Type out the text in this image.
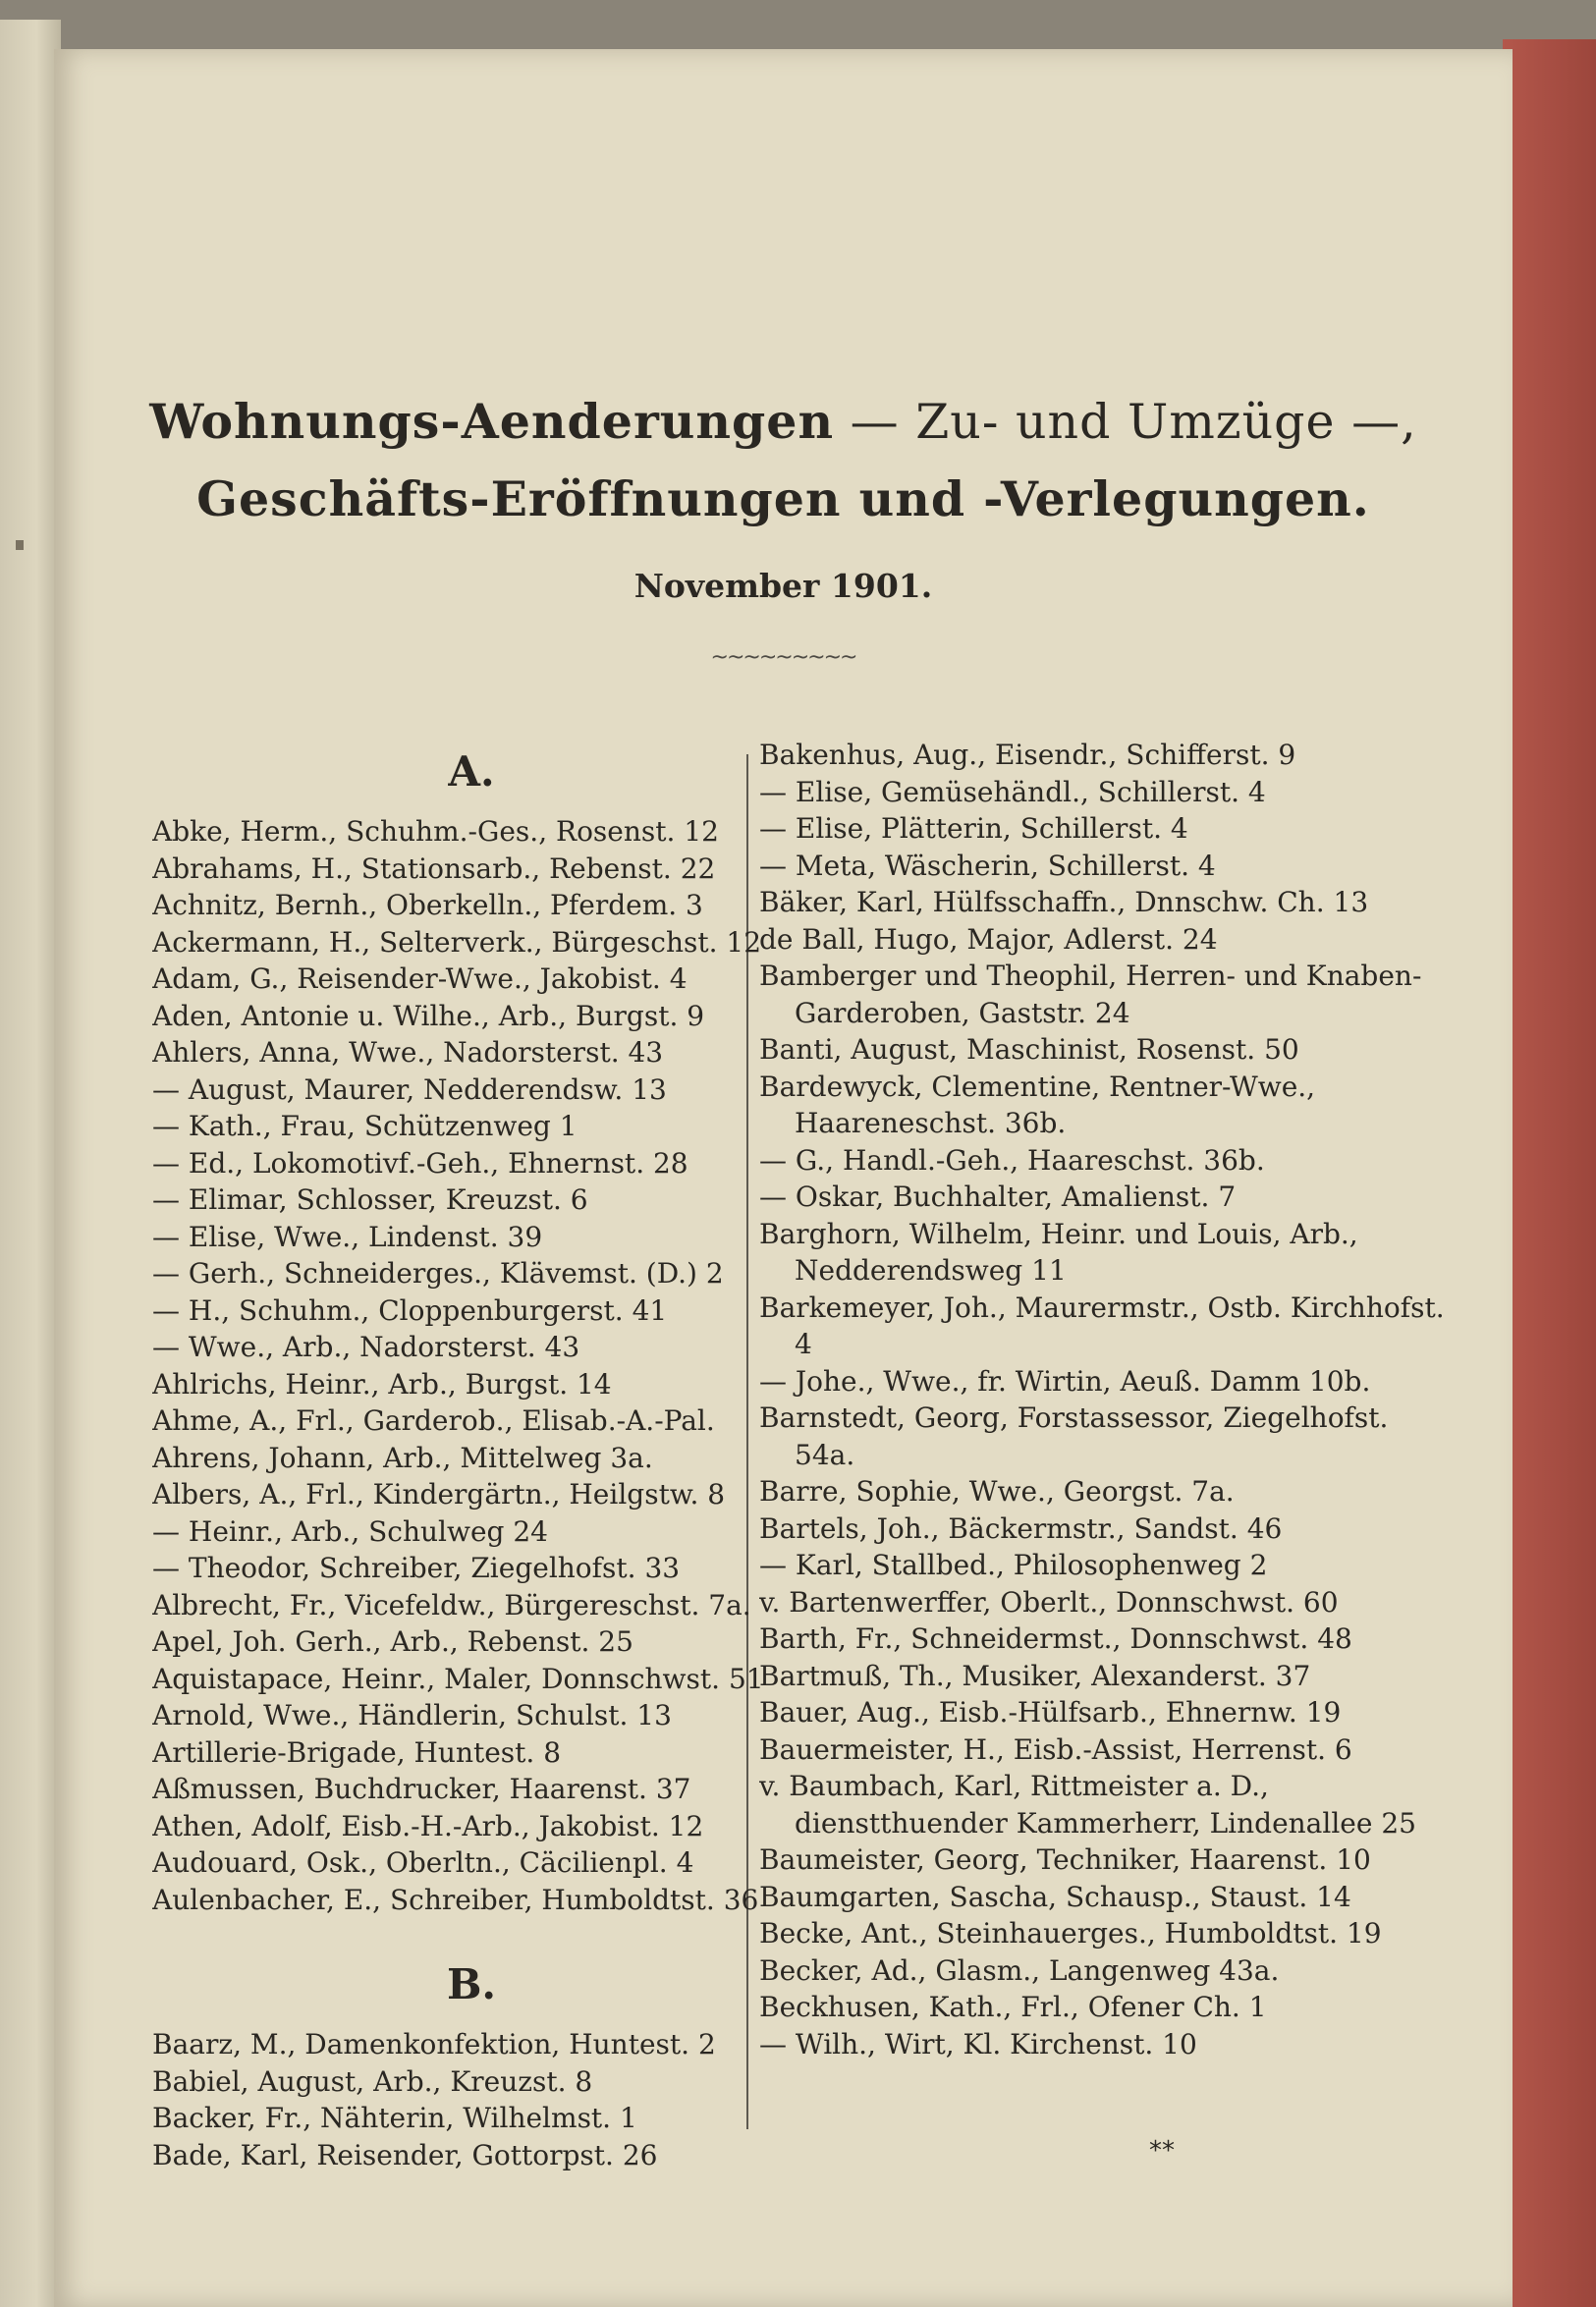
Wohnungs-Aenderungen — Zu- und Umzüge —,
Geschäfts-Eröffnungen und -Verlegungen.
November 1901.
~~~~~~~~~
A.
Abke, Herm., Schuhm.-Ges., Rosenst. 12
Abrahams, H., Stationsarb., Rebenst. 22
Achnitz, Bernh., Oberkelln., Pferdem. 3
Ackermann, H., Selterverk., Bürgeschst. 12
Adam, G., Reisender-Wwe., Jakobist. 4
Aden, Antonie u. Wilhe., Arb., Burgst. 9
Ahlers, Anna, Wwe., Nadorsterst. 43
— August, Maurer, Nedderendsw. 13
— Kath., Frau, Schützenweg 1
— Ed., Lokomotivf.-Geh., Ehnernst. 28
— Elimar, Schlosser, Kreuzst. 6
— Elise, Wwe., Lindenst. 39
— Gerh., Schneiderges., Klävemst. (D.) 2
— H., Schuhm., Cloppenburgerst. 41
— Wwe., Arb., Nadorsterst. 43
Ahlrichs, Heinr., Arb., Burgst. 14
Ahme, A., Frl., Garderob., Elisab.-A.-Pal.
Ahrens, Johann, Arb., Mittelweg 3a.
Albers, A., Frl., Kindergärtn., Heilgstw. 8
— Heinr., Arb., Schulweg 24
— Theodor, Schreiber, Ziegelhofst. 33
Albrecht, Fr., Vicefeldw., Bürgereschst. 7a.
Apel, Joh. Gerh., Arb., Rebenst. 25
Aquistapace, Heinr., Maler, Donnschwst. 51
Arnold, Wwe., Händlerin, Schulst. 13
Artillerie-Brigade, Huntest. 8
Aßmussen, Buchdrucker, Haarenst. 37
Athen, Adolf, Eisb.-H.-Arb., Jakobist. 12
Audouard, Osk., Oberltn., Cäcilienpl. 4
Aulenbacher, E., Schreiber, Humboldtst. 36
B.
Baarz, M., Damenkonfektion, Huntest. 2
Babiel, August, Arb., Kreuzst. 8
Backer, Fr., Nähterin, Wilhelmst. 1
Bade, Karl, Reisender, Gottorpst. 26
Bakenhus, Aug., Eisendr., Schifferst. 9
— Elise, Gemüsehändl., Schillerst. 4
— Elise, Plätterin, Schillerst. 4
— Meta, Wäscherin, Schillerst. 4
Bäker, Karl, Hülfsschaffn., Dnnschw. Ch. 13
de Ball, Hugo, Major, Adlerst. 24
Bamberger und Theophil, Herren- und Knaben-Garderoben, Gaststr. 24
Banti, August, Maschinist, Rosenst. 50
Bardewyck, Clementine, Rentner-Wwe., Haareneschst. 36b.
— G., Handl.-Geh., Haareschst. 36b.
— Oskar, Buchhalter, Amalienst. 7
Barghorn, Wilhelm, Heinr. und Louis, Arb., Nedderendsweg 11
Barkemeyer, Joh., Maurermstr., Ostb. Kirchhofst. 4
— Johe., Wwe., fr. Wirtin, Aeuß. Damm 10b.
Barnstedt, Georg, Forstassessor, Ziegelhofst. 54a.
Barre, Sophie, Wwe., Georgst. 7a.
Bartels, Joh., Bäckermstr., Sandst. 46
— Karl, Stallbed., Philosophenweg 2
v. Bartenwerffer, Oberlt., Donnschwst. 60
Barth, Fr., Schneidermst., Donnschwst. 48
Bartmuß, Th., Musiker, Alexanderst. 37
Bauer, Aug., Eisb.-Hülfsarb., Ehnernw. 19
Bauermeister, H., Eisb.-Assist, Herrenst. 6
v. Baumbach, Karl, Rittmeister a. D., dienstthuender Kammerherr, Lindenallee 25
Baumeister, Georg, Techniker, Haarenst. 10
Baumgarten, Sascha, Schausp., Staust. 14
Becke, Ant., Steinhauerges., Humboldtst. 19
Becker, Ad., Glasm., Langenweg 43a.
Beckhusen, Kath., Frl., Ofener Ch. 1
— Wilh., Wirt, Kl. Kirchenst. 10
**
